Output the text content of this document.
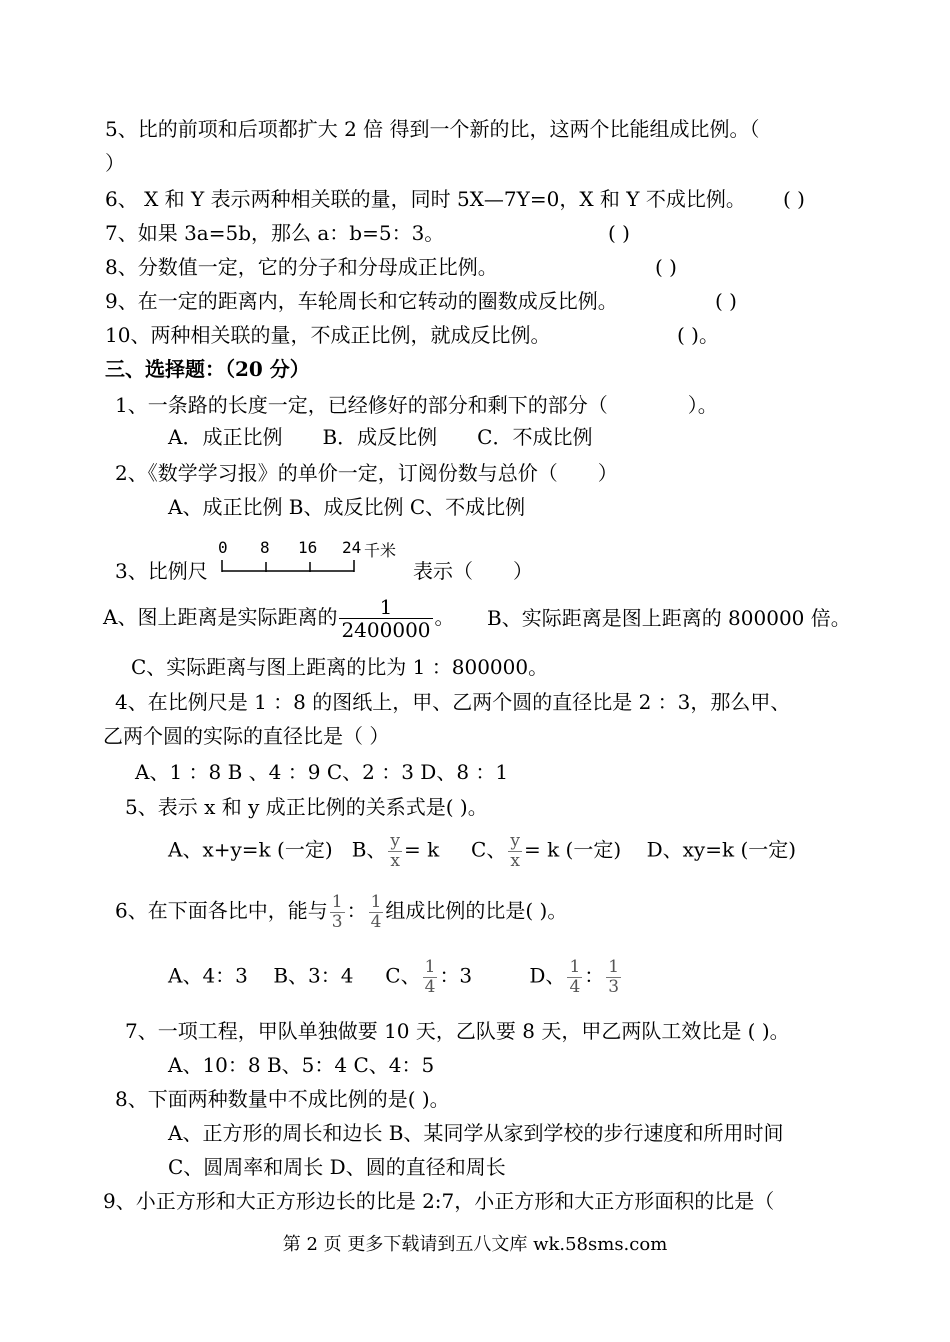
5、比的前项和后项都扩大 2 倍 得到一个新的比，这两个比能组成比例。（
）
6、 X 和 Y 表示两种相关联的量，同时 5X—7Y=0，X 和 Y 不成比例。 ( )
7、如果 3a=5b，那么 a：b=5：3。	( )
8、分数值一定，它的分子和分母成正比例。	( )
9、在一定的距离内，车轮周长和它转动的圈数成反比例。	( )
10、两种相关联的量，不成正比例，就成反比例。	( )。
三、选择题：（20 分）
1、一条路的长度一定，已经修好的部分和剩下的部分（　　　　）。
A．成正比例　　B．成反比例　　C．不成比例
2、《数学学习报》的单价一定，订阅份数与总价（　　）
A、成正比例 B、成反比例 C、不成比例
0 8 16 24 千米
3、比例尺	表示（　　）
A、图上距离是实际距离的 $\frac{1}{2400000}$ 。 B、实际距离是图上距离的 800000 倍。
C、实际距离与图上距离的比为 1 ：800000。
4、在比例尺是 1 ：8 的图纸上，甲、乙两个圆的直径比是 2 ：3，那么甲、
乙两个圆的实际的直径比是（ ）
A、1 ：8 B 、4 ：9 C、2 ：3 D、8 ：1
5、表示 x 和 y 成正比例的关系式是( )。
A、x+y=k (一定) B、 $\frac{y}{x} = k$ C、 $\frac{y}{x} = k$ (一定) D、xy=k (一定)
6、在下面各比中，能与 $\frac{1}{3}$ ： $\frac{1}{4}$ 组成比例的比是( )。
A、4：3 B、3：4 C、 $\frac{1}{4}$ ：3	D、 $\frac{1}{4}$ ： $\frac{1}{3}$
7、一项工程，甲队单独做要 10 天，乙队要 8 天，甲乙两队工效比是 ( )。
A、10：8 B、5：4 C、4：5
8、下面两种数量中不成比例的是( )。
A、正方形的周长和边长 B、某同学从家到学校的步行速度和所用时间
C、圆周率和周长 D、圆的直径和周长
9、小正方形和大正方形边长的比是 2:7，小正方形和大正方形面积的比是（
第 2 页 更多下载请到五八文库 wk.58sms.com
